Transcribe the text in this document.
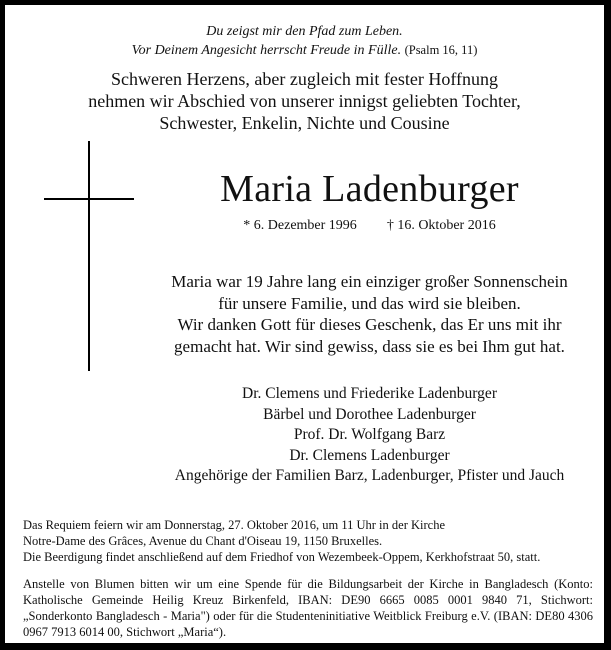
Du zeigst mir den Pfad zum Leben.
Vor Deinem Angesicht herrscht Freude in Fülle. (Psalm 16, 11)
Schweren Herzens, aber zugleich mit fester Hoffnung
nehmen wir Abschied von unserer innigst geliebten Tochter,
Schwester, Enkelin, Nichte und Cousine
Maria Ladenburger
* 6. Dezember 1996 † 16. Oktober 2016
Maria war 19 Jahre lang ein einziger großer Sonnenschein
für unsere Familie, und das wird sie bleiben.
Wir danken Gott für dieses Geschenk, das Er uns mit ihr
gemacht hat. Wir sind gewiss, dass sie es bei Ihm gut hat.
Dr. Clemens und Friederike Ladenburger
Bärbel und Dorothee Ladenburger
Prof. Dr. Wolfgang Barz
Dr. Clemens Ladenburger
Angehörige der Familien Barz, Ladenburger, Pfister und Jauch
Das Requiem feiern wir am Donnerstag, 27. Oktober 2016, um 11 Uhr in der Kirche
Notre-Dame des Grâces, Avenue du Chant d'Oiseau 19, 1150 Bruxelles.
Die Beerdigung findet anschließend auf dem Friedhof von Wezembeek-Oppem, Kerkhofstraat 50, statt.
Anstelle von Blumen bitten wir um eine Spende für die Bildungsarbeit der Kirche in Bangladesch (Konto: Katholische Gemeinde Heilig Kreuz Birkenfeld, IBAN: DE90 6665 0085 0001 9840 71, Stichwort: „Sonderkonto Bangladesch - Maria") oder für die Studenteninitiative Weitblick Freiburg e.V. (IBAN: DE80 4306 0967 7913 6014 00, Stichwort „Maria“).
